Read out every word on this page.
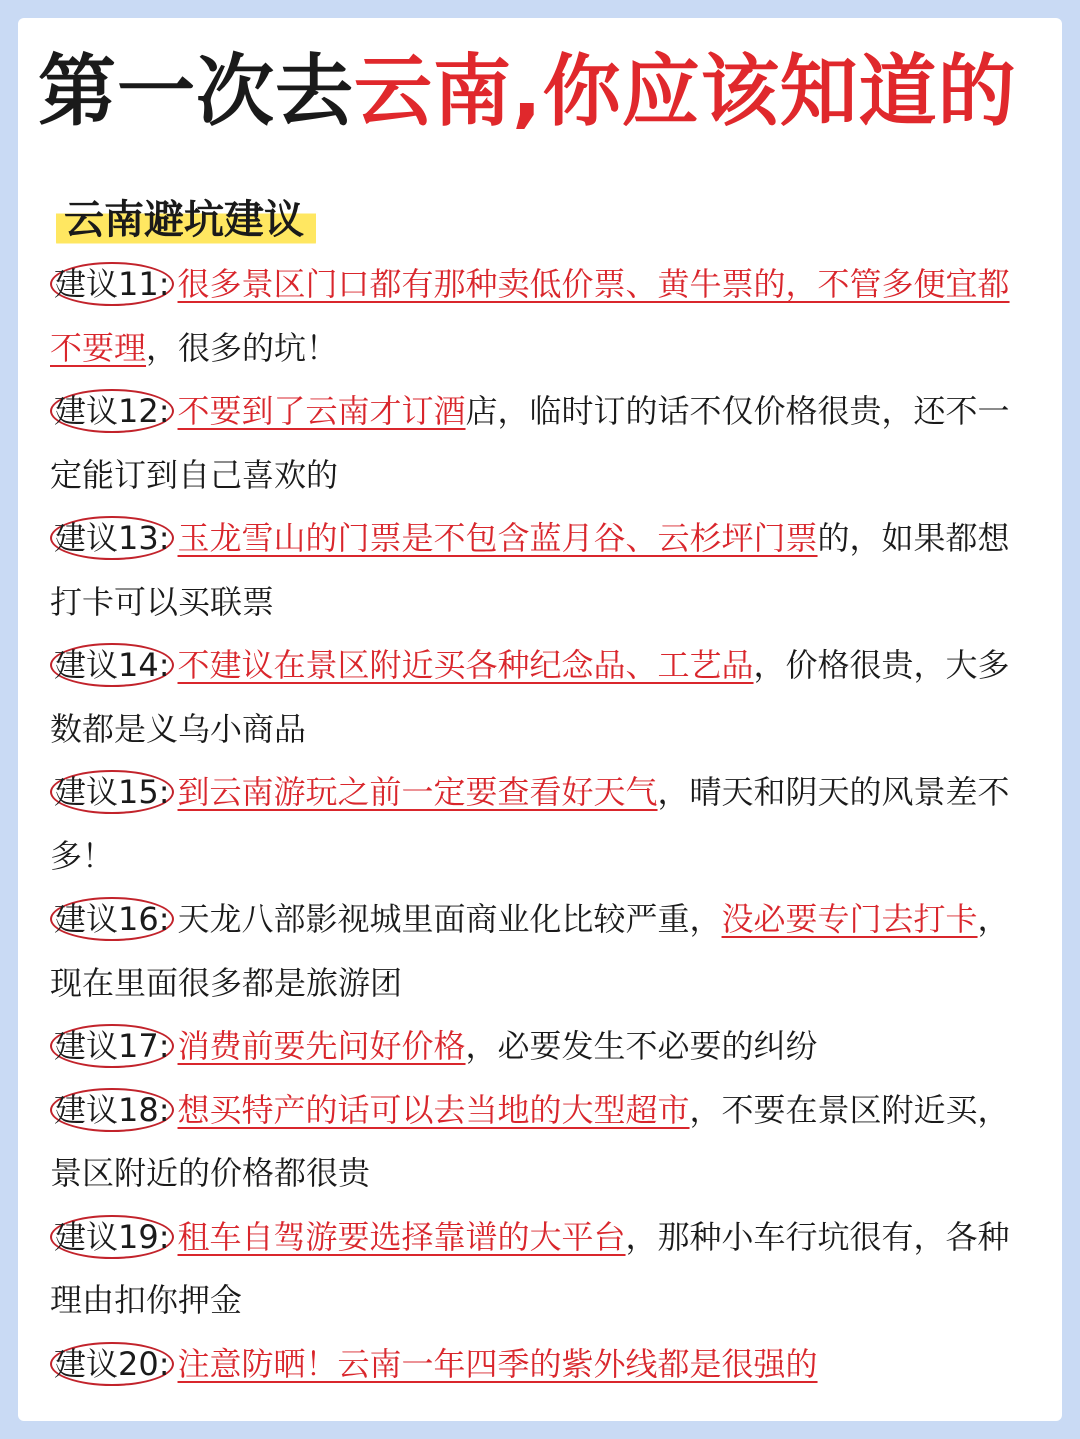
第一次去云南,你应该知道的
云南避坑建议
建议11: 很多景区门口都有那种卖低价票、黄牛票的，不管多便宜都不要理，很多的坑！
建议12: 不要到了云南才订酒店，临时订的话不仅价格很贵，还不一定能订到自己喜欢的
建议13: 玉龙雪山的门票是不包含蓝月谷、云杉坪门票的，如果都想打卡可以买联票
建议14: 不建议在景区附近买各种纪念品、工艺品，价格很贵，大多数都是义乌小商品
建议15: 到云南游玩之前一定要查看好天气，晴天和阴天的风景差不多！
建议16: 天龙八部影视城里面商业化比较严重，没必要专门去打卡，现在里面很多都是旅游团
建议17: 消费前要先问好价格，必要发生不必要的纠纷
建议18: 想买特产的话可以去当地的大型超市，不要在景区附近买，景区附近的价格都很贵
建议19: 租车自驾游要选择靠谱的大平台，那种小车行坑很有，各种理由扣你押金
建议20: 注意防晒！云南一年四季的紫外线都是很强的
